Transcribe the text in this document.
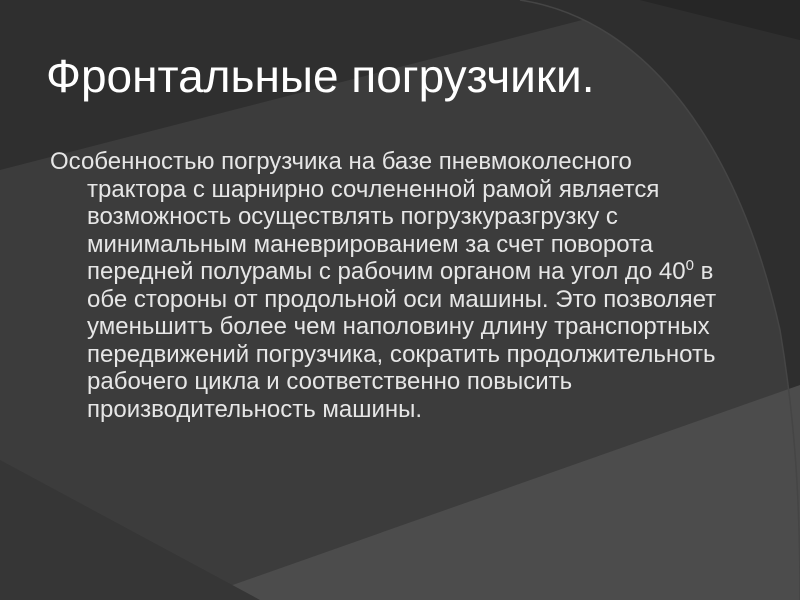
Фронтальные погрузчики.

Особенностью погрузчика на базе пневмоколесного трактора с шарнирно сочлененной рамой является возможность осуществлять погрузкуразгрузку с минимальным маневрированием за счет поворота передней полурамы с рабочим органом на угол до $40^0$ в обе стороны от продольной оси машины. Это позволяет уменьшитъ более чем наполовину длину транспортных передвижений погрузчика, сократить продолжительноть рабочего цикла и соответственно повысить производительность машины.
